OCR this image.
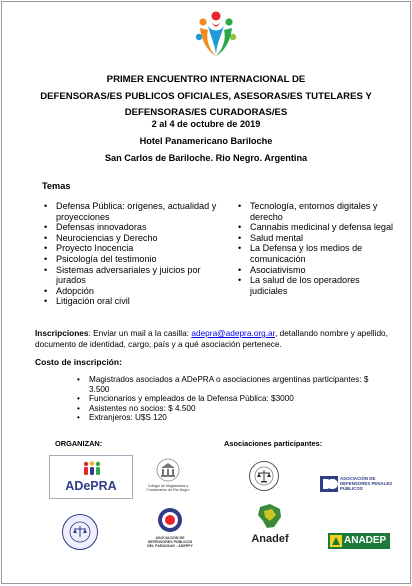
PRIMER ENCUENTRO INTERNACIONAL DE
DEFENSORAS/ES PUBLICOS OFICIALES, ASESORAS/ES TUTELARES Y
DEFENSORAS/ES CURADORAS/ES
2 al 4 de octubre de 2019
Hotel Panamericano Bariloche
San Carlos de Bariloche. Rio Negro. Argentina
Temas
• Defensa Pública: orígenes, actualidad y proyecciones
• Defensas innovadoras
• Neurociencias y Derecho
• Proyecto Inocencia
• Psicología del testimonio
• Sistemas adversariales y juicios por jurados
• Adopción
• Litigación oral civil
• Tecnología, entornos digitales y derecho
• Cannabis medicinal y defensa legal
• Salud mental
• La Defensa y los medios de comunicación
• Asociativismo
• La salud de los operadores judiciales
Inscripciones: Enviar un mail a la casilla: adepra@adepra.org.ar, detallando nombre y apellido, documento de identidad, cargo, país y a qué asociación pertenece.
Costo de inscripción:
• Magistrados asociados a ADePRA o asociaciones argentinas participantes: $ 3.500
• Funcionarios y empleados de la Defensa Pública: $3000
• Asistentes no socios: $ 4.500
• Extranjeros: U$S 120
ORGANIZAN:	Asociaciones participantes:
ADePRA	Colegio de Magistrados y Funcionarios de Río Negro
ASOCIACIÓN DE DEFENSORES PENALES PÚBLICOS
ASOCIACIÓN DE DEFENSORES PÚBLICOS DEL PARAGUAY · ADEPPY
Anadef	ANADEP
